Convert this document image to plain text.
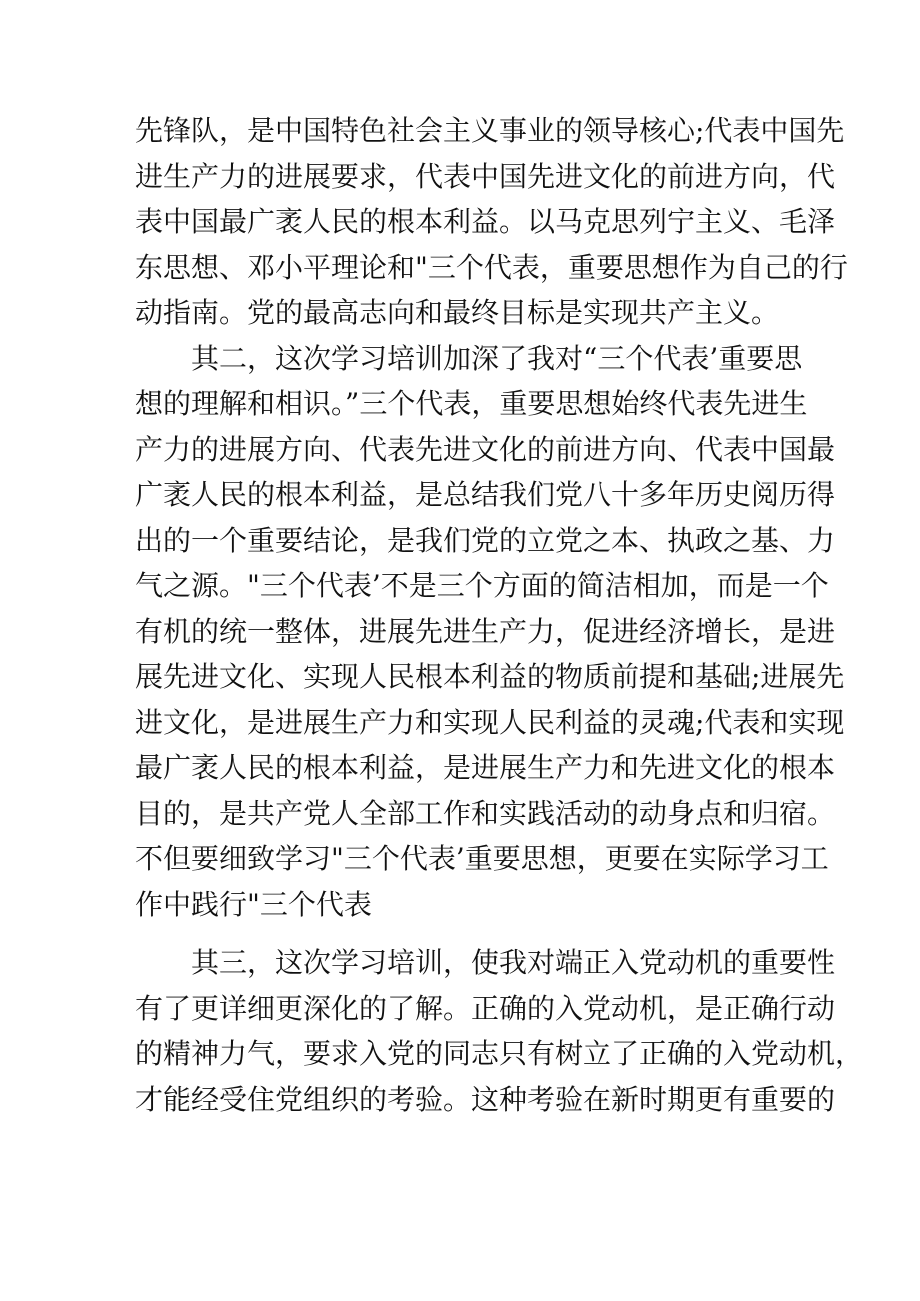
先锋队，是中国特色社会主义事业的领导核心;代表中国先
进生产力的进展要求，代表中国先进文化的前进方向，代
表中国最广袤人民的根本利益。以马克思列宁主义、毛泽
东思想、邓小平理论和"三个代表，重要思想作为自己的行
动指南。党的最高志向和最终目标是实现共产主义。
其二，这次学习培训加深了我对“三个代表’重要思
想的理解和相识。”三个代表，重要思想始终代表先进生
产力的进展方向、代表先进文化的前进方向、代表中国最
广袤人民的根本利益，是总结我们党八十多年历史阅历得
出的一个重要结论，是我们党的立党之本、执政之基、力
气之源。"三个代表’不是三个方面的简洁相加，而是一个
有机的统一整体，进展先进生产力，促进经济增长，是进
展先进文化、实现人民根本利益的物质前提和基础;进展先
进文化，是进展生产力和实现人民利益的灵魂;代表和实现
最广袤人民的根本利益，是进展生产力和先进文化的根本
目的，是共产党人全部工作和实践活动的动身点和归宿。
不但要细致学习"三个代表’重要思想，更要在实际学习工
作中践行"三个代表
其三，这次学习培训，使我对端正入党动机的重要性
有了更详细更深化的了解。正确的入党动机，是正确行动
的精神力气，要求入党的同志只有树立了正确的入党动机，
才能经受住党组织的考验。这种考验在新时期更有重要的
